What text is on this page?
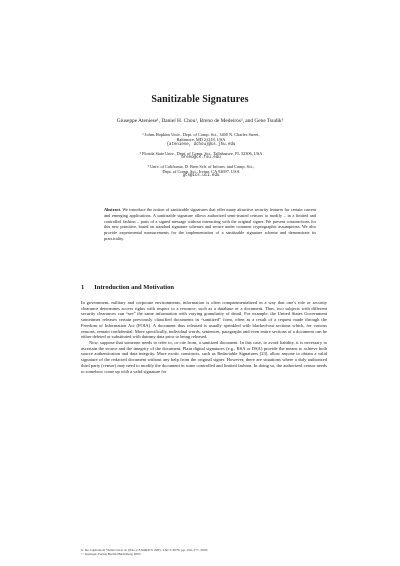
Sanitizable Signatures
Giuseppe Ateniese¹, Daniel H. Chou¹, Breno de Medeiros², and Gene Tsudik³
¹ Johns Hopkins Univ., Dept. of Comp. Sci., 3400 N. Charles Street,
Baltimore, MD 21218, USA
{ateniese, dchou}@cs.jhu.edu
² Florida State Univ., Dept. of Comp. Sci., Tallahassee, FL 32306, USA
breno@cs.fsu.edu
³ Univ. of California, D. Bren Sch. of Inform. and Comp. Sci.,
Dept. of Comp. Sci., Irvine, CA 92697, USA
gts@ics.uci.edu
Abstract. We introduce the notion of sanitizable signatures that offer many attractive security features for certain current and emerging applications. A sanitizable signature allows authorized semi-trusted censors to modify – in a limited and controlled fashion – parts of a signed message without interacting with the original signer. We present constructions for this new primitive, based on standard signature schemes and secure under common cryptographic assumptions. We also provide experimental measurements for the implementation of a sanitizable signature scheme and demonstrate its practicality.
1 Introduction and Motivation

In government, military and corporate environments, information is often compartmentalized in a way that one’s role or security clearance determines access rights with respect to a resource, such as a database or a document. Thus, two subjects with different security clearances can “see” the same information with varying granularity of detail. For example, the United States Government sometimes releases certain previously classified documents in “sanitized” form, often as a result of a request made through the Freedom of Information Act (FOIA). A document thus released is usually sprinkled with blacked-out sections which, for various reasons, remain confidential. More specifically, individual words, sentences, paragraphs and even entire sections of a document can be either deleted or substituted with dummy data prior to being released.

Now, suppose that someone needs to refer to, or cite from, a sanitized document. In this case, to avoid liability, it is necessary to ascertain the source and the integrity of the document. Plain digital signatures (e.g., RSA or DSA) provide the means to achieve both source authentication and data integrity. More exotic constructs, such as Redactable Signatures [23], allow anyone to obtain a valid signature of the redacted document without any help from the original signer. However, there are situations where a duly authorized third party (censor) may need to modify the document in some controlled and limited fashion. In doing so, the authorized censor needs to somehow come up with a valid signature for

S. De Capitani di Vimercati et al. (Eds.): ESORICS 2005, LNCS 3679, pp. 159–177, 2005.
© Springer-Verlag Berlin Heidelberg 2005
